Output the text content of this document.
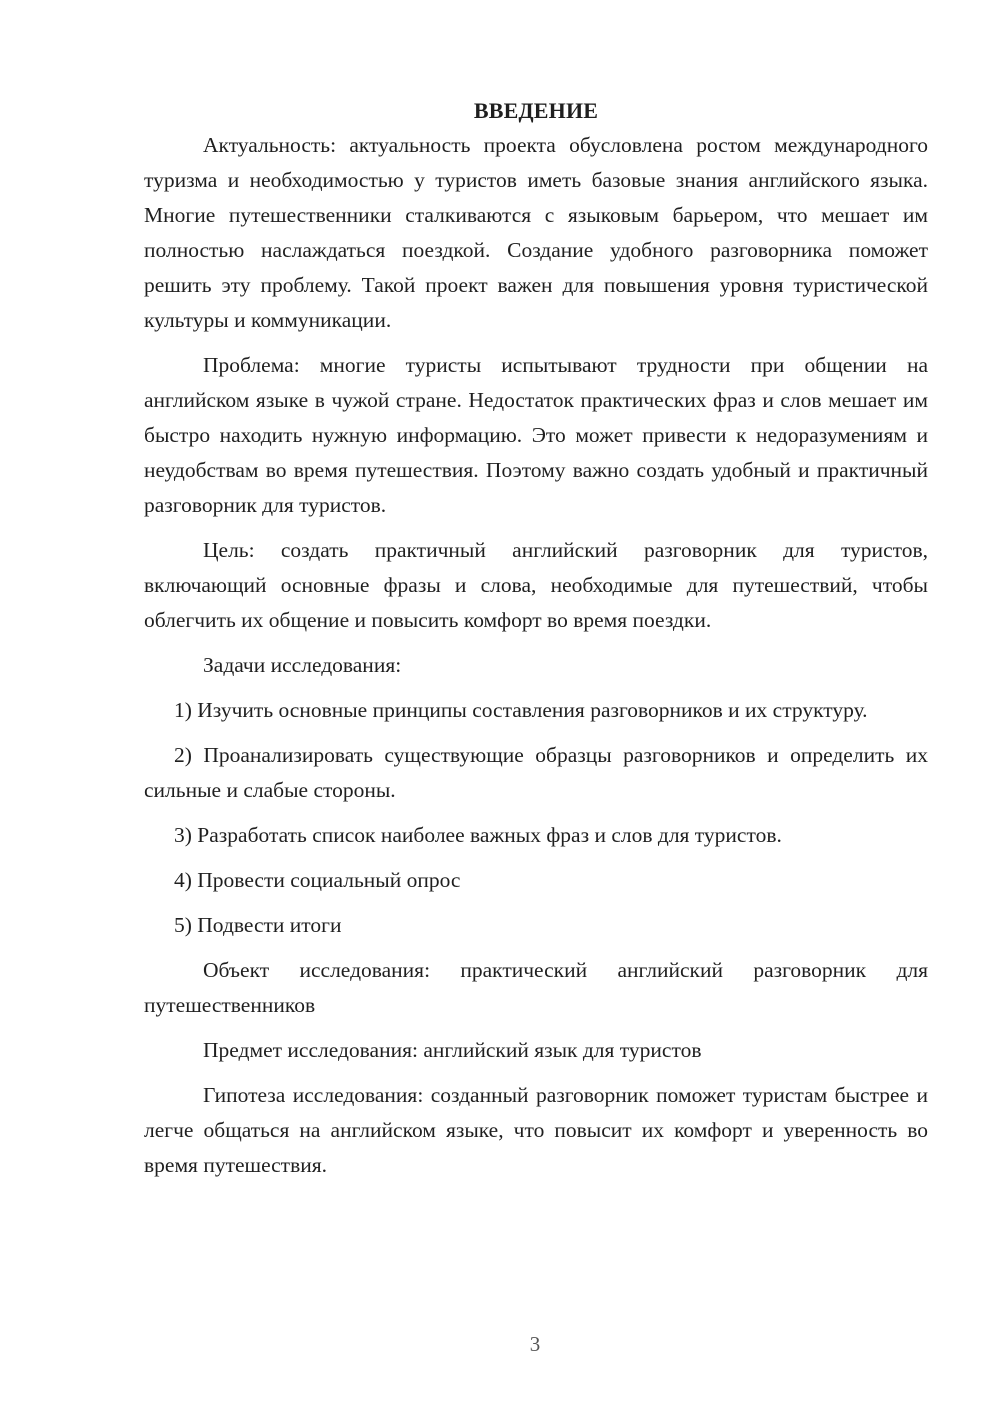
ВВЕДЕНИЕ

Актуальность: актуальность проекта обусловлена ростом международного туризма и необходимостью у туристов иметь базовые знания английского языка. Многие путешественники сталкиваются с языковым барьером, что мешает им полностью наслаждаться поездкой. Создание удобного разговорника поможет решить эту проблему. Такой проект важен для повышения уровня туристической культуры и коммуникации.

Проблема: многие туристы испытывают трудности при общении на английском языке в чужой стране. Недостаток практических фраз и слов мешает им быстро находить нужную информацию. Это может привести к недоразумениям и неудобствам во время путешествия. Поэтому важно создать удобный и практичный разговорник для туристов.

Цель: создать практичный английский разговорник для туристов, включающий основные фразы и слова, необходимые для путешествий, чтобы облегчить их общение и повысить комфорт во время поездки.

Задачи исследования:

1) Изучить основные принципы составления разговорников и их структуру.

2) Проанализировать существующие образцы разговорников и определить их сильные и слабые стороны.

3) Разработать список наиболее важных фраз и слов для туристов.

4) Провести социальный опрос

5) Подвести итоги

Объект исследования: практический английский разговорник для путешественников

Предмет исследования: английский язык для туристов

Гипотеза исследования: созданный разговорник поможет туристам быстрее и легче общаться на английском языке, что повысит их комфорт и уверенность во время путешествия.

3
